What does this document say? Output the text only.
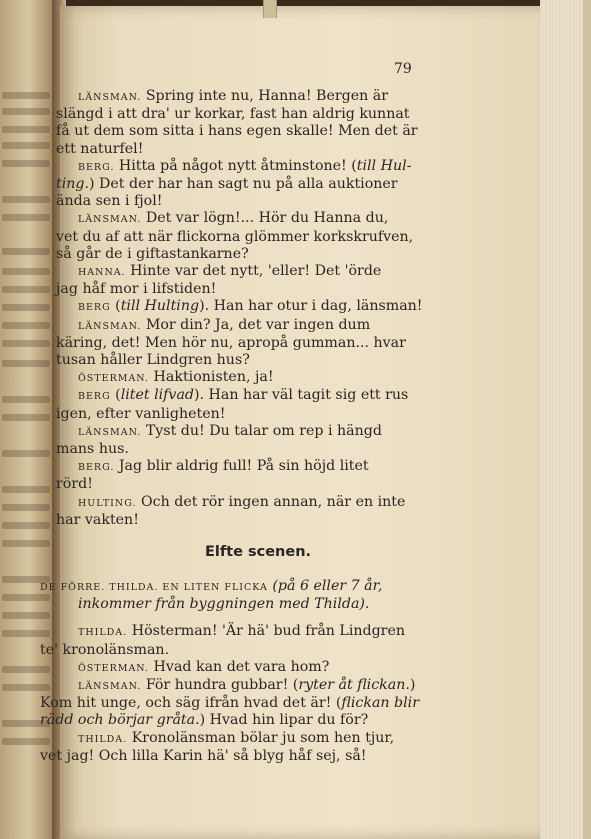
79
LÄNSMAN. Spring inte nu, Hanna! Bergen är
slängd i att dra' ur korkar, fast han aldrig kunnat
få ut dem som sitta i hans egen skalle! Men det är
ett naturfel!
BERG. Hitta på något nytt åtminstone! (till Hul-
ting.) Det der har han sagt nu på alla auktioner
ända sen i fjol!
LÄNSMAN. Det var lögn!... Hör du Hanna du,
vet du af att när flickorna glömmer korkskrufven,
så går de i giftastankarne?
HANNA. Hinte var det nytt, 'eller! Det 'örde
jag håf mor i lifstiden!
BERG (till Hulting). Han har otur i dag, länsman!
LÄNSMAN. Mor din? Ja, det var ingen dum
käring, det! Men hör nu, apropå gumman... hvar
tusan håller Lindgren hus?
ÖSTERMAN. Haktionisten, ja!
BERG (litet lifvad). Han har väl tagit sig ett rus
igen, efter vanligheten!
LÄNSMAN. Tyst du! Du talar om rep i hängd
mans hus.
BERG. Jag blir aldrig full! På sin höjd litet
rörd!
HULTING. Och det rör ingen annan, när en inte
har vakten!
Elfte scenen.
DE FÖRRE. THILDA. EN LITEN FLICKA (på 6 eller 7 år,
inkommer från byggningen med Thilda).
THILDA. Hösterman! 'Är hä' bud från Lindgren
te' kronolänsman.
ÖSTERMAN. Hvad kan det vara hom?
LÄNSMAN. För hundra gubbar! (ryter åt flickan.)
Kom hit unge, och säg ifrån hvad det är! (flickan blir
rädd och börjar gråta.) Hvad hin lipar du för?
THILDA. Kronolänsman bölar ju som hen tjur,
vet jag! Och lilla Karin hä' så blyg håf sej, så!
